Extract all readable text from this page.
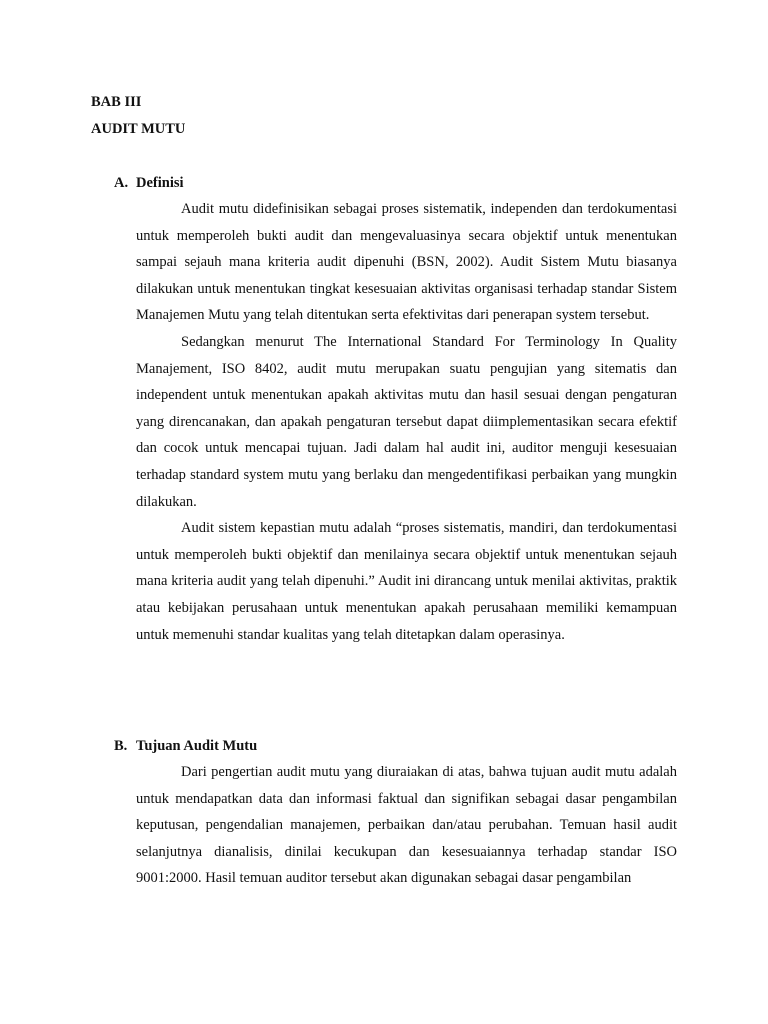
BAB III
AUDIT MUTU
A. Definisi

Audit mutu didefinisikan sebagai proses sistematik, independen dan terdokumentasi untuk memperoleh bukti audit dan mengevaluasinya secara objektif untuk menentukan sampai sejauh mana kriteria audit dipenuhi (BSN, 2002). Audit Sistem Mutu biasanya dilakukan untuk menentukan tingkat kesesuaian aktivitas organisasi terhadap standar Sistem Manajemen Mutu yang telah ditentukan serta efektivitas dari penerapan system tersebut.

Sedangkan menurut The International Standard For Terminology In Quality Manajement, ISO 8402, audit mutu merupakan suatu pengujian yang sitematis dan independent untuk menentukan apakah aktivitas mutu dan hasil sesuai dengan pengaturan yang direncanakan, dan apakah pengaturan tersebut dapat diimplementasikan secara efektif dan cocok untuk mencapai tujuan. Jadi dalam hal audit ini, auditor menguji kesesuaian terhadap standard system mutu yang berlaku dan mengedentifikasi perbaikan yang mungkin dilakukan.

Audit sistem kepastian mutu adalah “proses sistematis, mandiri, dan terdokumentasi untuk memperoleh bukti objektif dan menilainya secara objektif untuk menentukan sejauh mana kriteria audit yang telah dipenuhi.” Audit ini dirancang untuk menilai aktivitas, praktik atau kebijakan perusahaan untuk menentukan apakah perusahaan memiliki kemampuan untuk memenuhi standar kualitas yang telah ditetapkan dalam operasinya.

B. Tujuan Audit Mutu

Dari pengertian audit mutu yang diuraiakan di atas, bahwa tujuan audit mutu adalah untuk mendapatkan data dan informasi faktual dan signifikan sebagai dasar pengambilan keputusan, pengendalian manajemen, perbaikan dan/atau perubahan. Temuan hasil audit selanjutnya dianalisis, dinilai kecukupan dan kesesuaiannya terhadap standar ISO 9001:2000. Hasil temuan auditor tersebut akan digunakan sebagai dasar pengambilan
